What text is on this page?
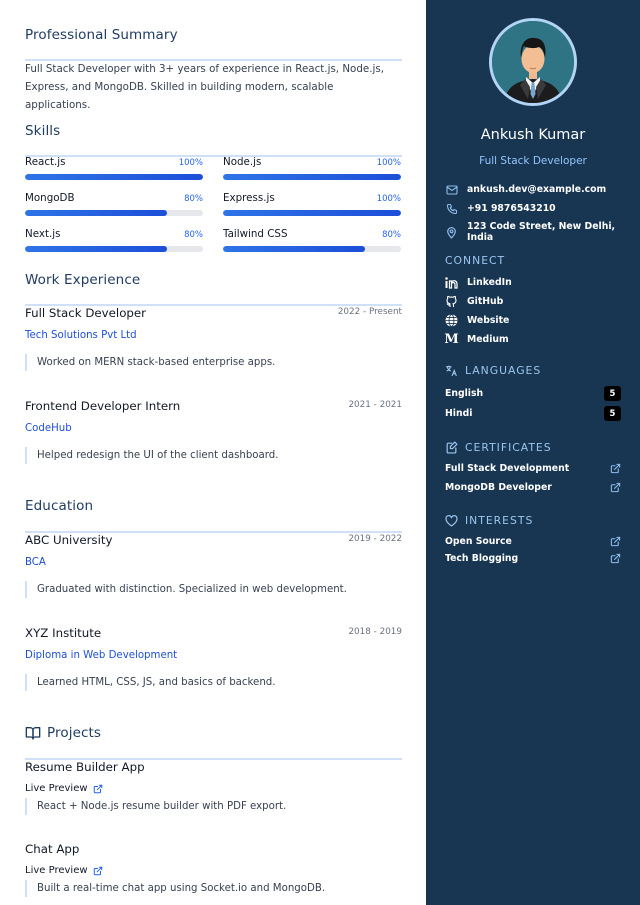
Professional Summary

Full Stack Developer with 3+ years of experience in React.js, Node.js, Express, and MongoDB. Skilled in building modern, scalable applications.

Skills
React.js	100% Node.js	100%
MongoDB	80% Express.js	100%
Next.js	80% Tailwind CSS	80%
Work Experience
Full Stack Developer	2022 - Present
Tech Solutions Pvt Ltd
Worked on MERN stack-based enterprise apps.
Frontend Developer Intern	2021 - 2021
CodeHub
Helped redesign the UI of the client dashboard.
Education
ABC University	2019 - 2022
BCA
Graduated with distinction. Specialized in web development.
XYZ Institute	2018 - 2019
Diploma in Web Development
Learned HTML, CSS, JS, and basics of backend.
Projects
Resume Builder App
Live Preview
React + Node.js resume builder with PDF export.
Chat App
Live Preview
Built a real-time chat app using Socket.io and MongoDB.
Ankush Kumar
Full Stack Developer
ankush.dev@example.com
+91 9876543210
123 Code Street, New Delhi, India
CONNECT
LinkedIn
GitHub
Website
M Medium
LANGUAGES
English	5
Hindi	5
CERTIFICATES
Full Stack Development
MongoDB Developer
INTERESTS
Open Source
Tech Blogging
